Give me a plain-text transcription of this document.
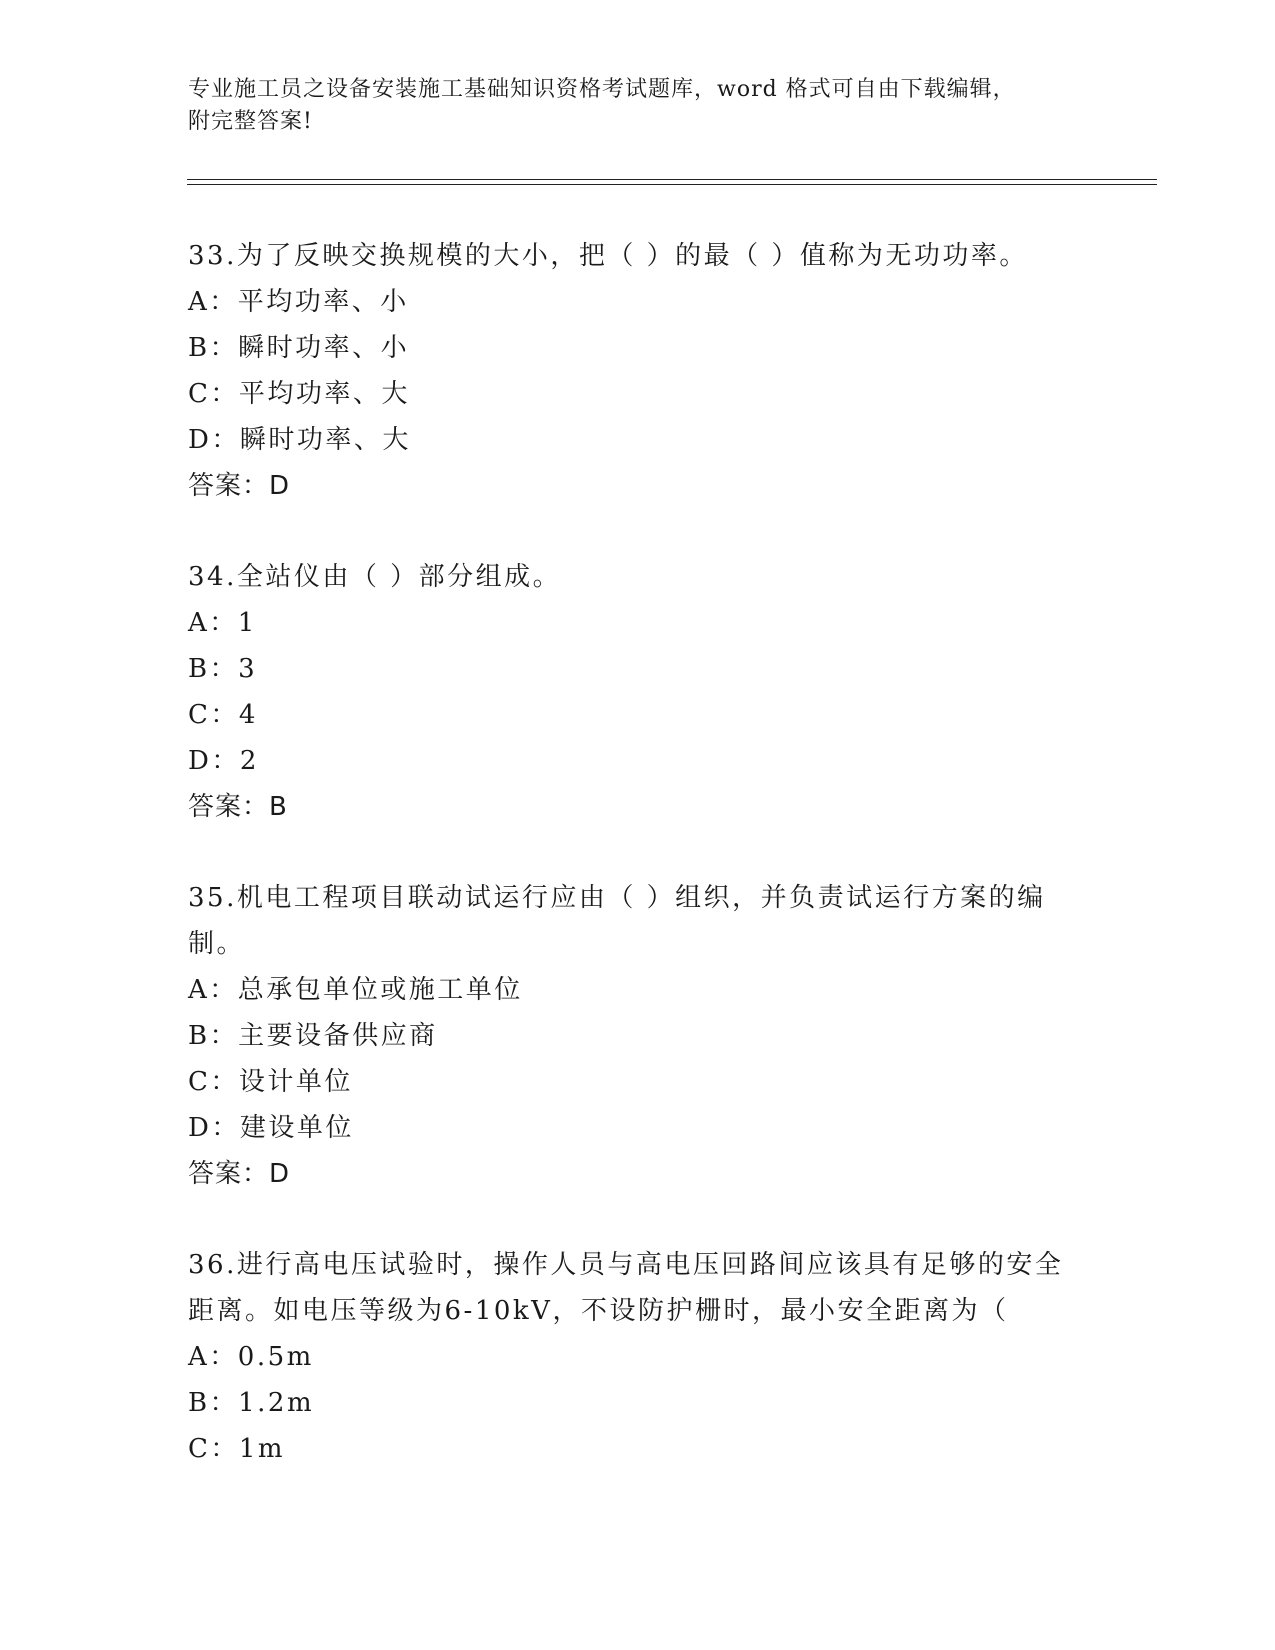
专业施工员之设备安装施工基础知识资格考试题库，word 格式可自由下载编辑，
附完整答案!
33.为了反映交换规模的大小，把（ ）的最（ ）值称为无功功率。
A：平均功率、小
B：瞬时功率、小
C：平均功率、大
D：瞬时功率、大
答案：D
34.全站仪由（ ）部分组成。
A：1
B：3
C：4
D：2
答案：B
35.机电工程项目联动试运行应由（ ）组织，并负责试运行方案的编制。
A：总承包单位或施工单位
B：主要设备供应商
C：设计单位
D：建设单位
答案：D
36.进行高电压试验时，操作人员与高电压回路间应该具有足够的安全距离。如电压等级为6-10kV，不设防护栅时，最小安全距离为（
A：0.5m
B：1.2m
C：1m
